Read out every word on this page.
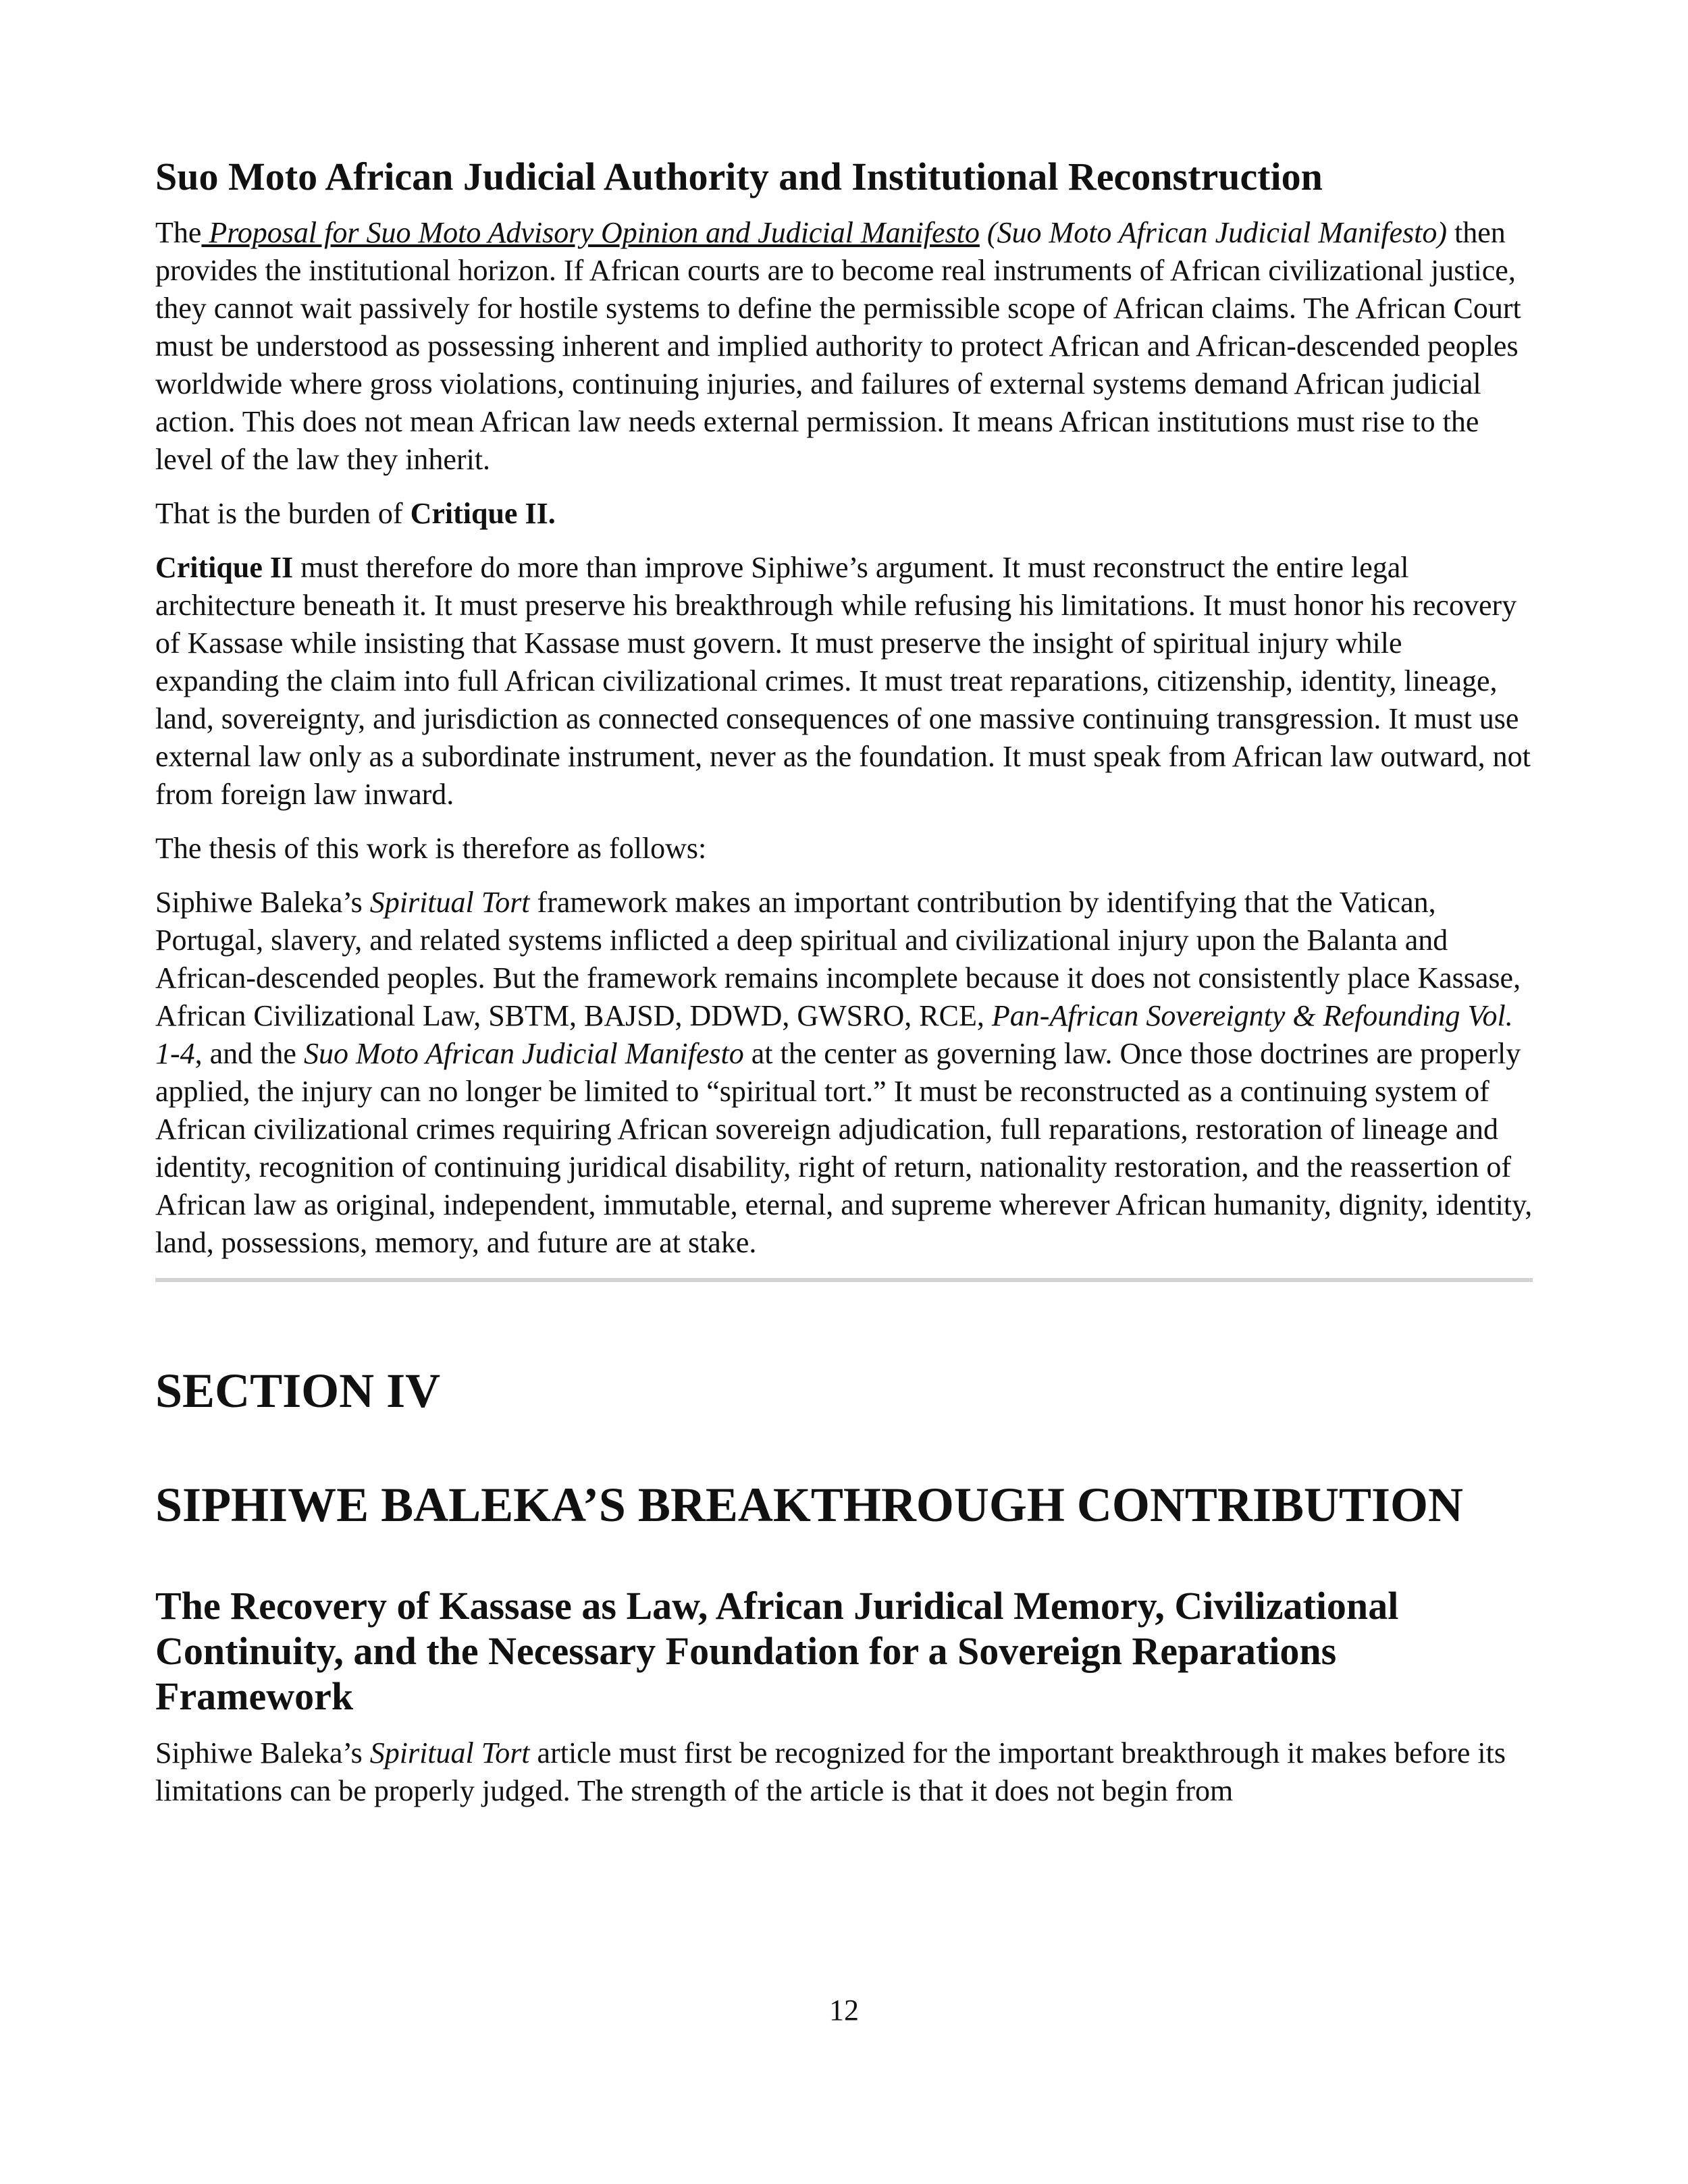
Suo Moto African Judicial Authority and Institutional Reconstruction

The Proposal for Suo Moto Advisory Opinion and Judicial Manifesto (Suo Moto African Judicial Manifesto) then provides the institutional horizon. If African courts are to become real instruments of African civilizational justice, they cannot wait passively for hostile systems to define the permissible scope of African claims. The African Court must be understood as possessing inherent and implied authority to protect African and African-descended peoples worldwide where gross violations, continuing injuries, and failures of external systems demand African judicial action. This does not mean African law needs external permission. It means African institutions must rise to the level of the law they inherit.

That is the burden of Critique II.

Critique II must therefore do more than improve Siphiwe’s argument. It must reconstruct the entire legal architecture beneath it. It must preserve his breakthrough while refusing his limitations. It must honor his recovery of Kassase while insisting that Kassase must govern. It must preserve the insight of spiritual injury while expanding the claim into full African civilizational crimes. It must treat reparations, citizenship, identity, lineage, land, sovereignty, and jurisdiction as connected consequences of one massive continuing transgression. It must use external law only as a subordinate instrument, never as the foundation. It must speak from African law outward, not from foreign law inward.

The thesis of this work is therefore as follows:

Siphiwe Baleka’s Spiritual Tort framework makes an important contribution by identifying that the Vatican, Portugal, slavery, and related systems inflicted a deep spiritual and civilizational injury upon the Balanta and African-descended peoples. But the framework remains incomplete because it does not consistently place Kassase, African Civilizational Law, SBTM, BAJSD, DDWD, GWSRO, RCE, Pan-African Sovereignty & Refounding Vol. 1-4, and the Suo Moto African Judicial Manifesto at the center as governing law. Once those doctrines are properly applied, the injury can no longer be limited to “spiritual tort.” It must be reconstructed as a continuing system of African civilizational crimes requiring African sovereign adjudication, full reparations, restoration of lineage and identity, recognition of continuing juridical disability, right of return, nationality restoration, and the reassertion of African law as original, independent, immutable, eternal, and supreme wherever African humanity, dignity, identity, land, possessions, memory, and future are at stake.

SECTION IV
SIPHIWE BALEKA’S BREAKTHROUGH CONTRIBUTION
The Recovery of Kassase as Law, African Juridical Memory, Civilizational Continuity, and the Necessary Foundation for a Sovereign Reparations Framework

Siphiwe Baleka’s Spiritual Tort article must first be recognized for the important breakthrough it makes before its limitations can be properly judged. The strength of the article is that it does not begin from

12
